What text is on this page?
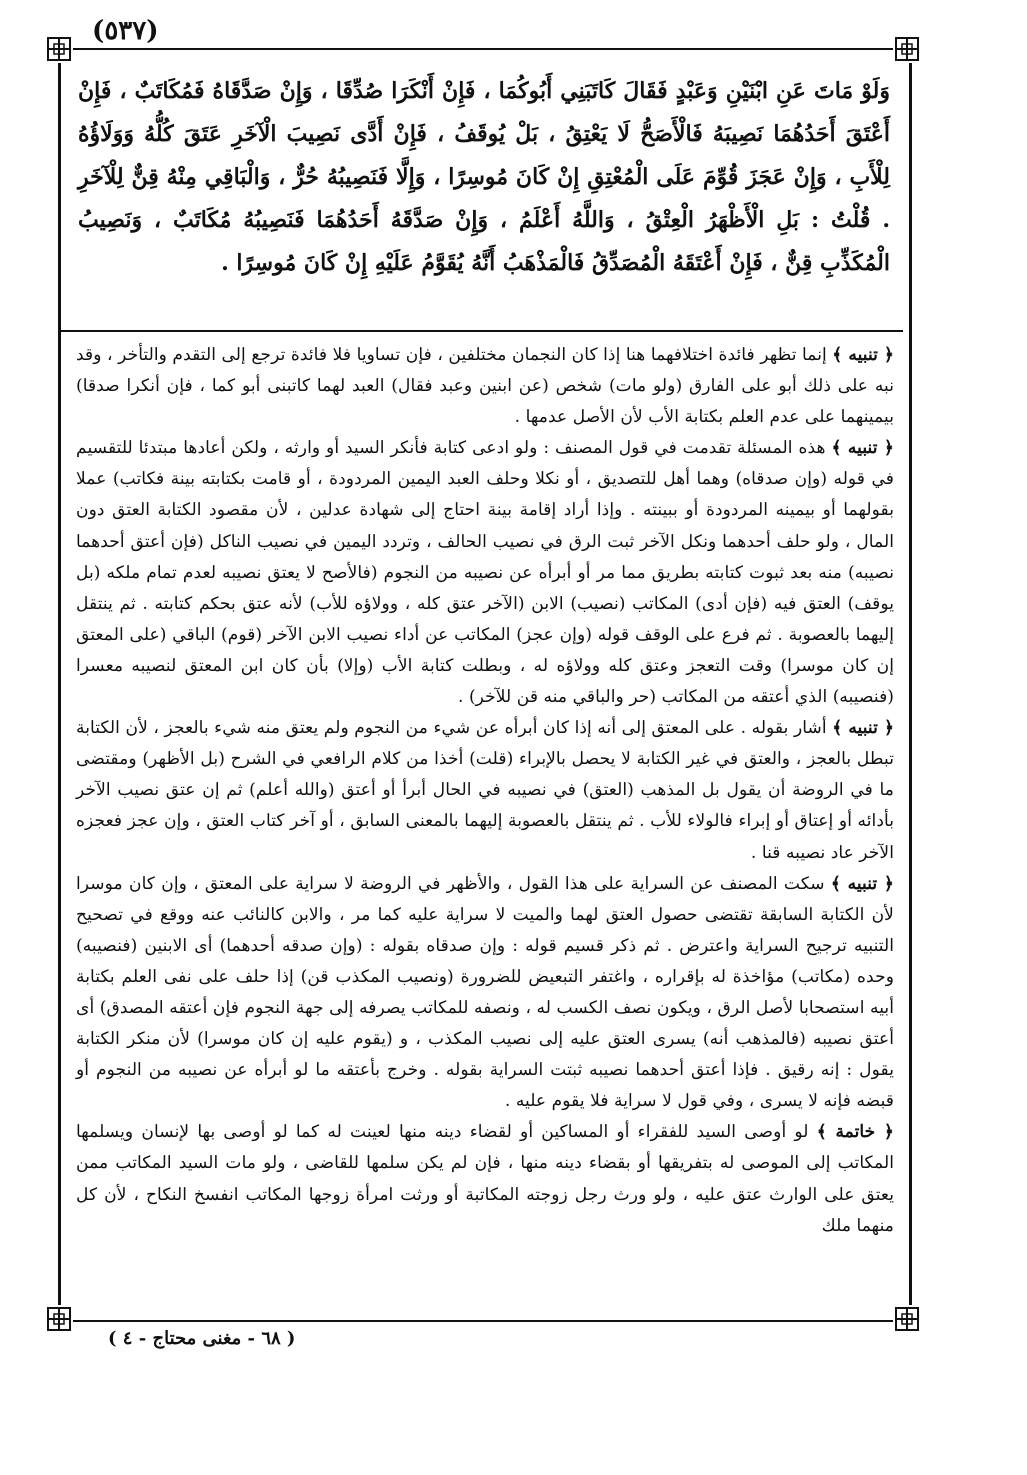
(٥٣٧)

وَلَوْ مَاتَ عَنِ ابْنَيْنِ وَعَبْدٍ فَقَالَ كَاتَبَنِي أَبُوكُمَا ، فَإِنْ أَنْكَرَا صُدِّقَا ، وَإِنْ صَدَّقَاهُ فَمُكَاتَبٌ ، فَإِنْ أَعْتَقَ أَحَدُهُمَا نَصِيبَهُ فَالْأَصَحُّ لَا يَعْتِقُ ، بَلْ يُوقَفُ ، فَإِنْ أَدَّى نَصِيبَ الْآخَرِ عَتَقَ كُلُّهُ وَوَلَاؤُهُ لِلْأَبِ ، وَإِنْ عَجَزَ قُوِّمَ عَلَى الْمُعْتِقِ إِنْ كَانَ مُوسِرًا ، وَإِلَّا فَنَصِيبُهُ حُرٌّ ، وَالْبَاقِي مِنْهُ قِنٌّ لِلْآخَرِ . قُلْتُ : بَلِ الْأَظْهَرُ الْعِتْقُ ، وَاللَّهُ أَعْلَمُ ، وَإِنْ صَدَّقَهُ أَحَدُهُمَا فَنَصِيبُهُ مُكَاتَبٌ ، وَنَصِيبُ الْمُكَذِّبِ قِنٌّ ، فَإِنْ أَعْتَقَهُ الْمُصَدِّقُ فَالْمَذْهَبُ أَنَّهُ يُقَوَّمُ عَلَيْهِ إِنْ كَانَ مُوسِرًا .

﴿ تنبيه ﴾ إنما تظهر فائدة اختلافهما هنا إذا كان النجمان مختلفين ، فإن تساويا فلا فائدة ترجع إلى التقدم والتأخر ، وقد نبه على ذلك أبو على الفارق (ولو مات) شخص (عن ابنين وعبد فقال) العبد لهما كاتبنى أبو كما ، فإن أنكرا صدقا) بيمينهما على عدم العلم بكتابة الأب لأن الأصل عدمها .

﴿ تنبيه ﴾ هذه المسئلة تقدمت في قول المصنف : ولو ادعى كتابة فأنكر السيد أو وارثه ، ولكن أعادها مبتدئا للتقسيم في قوله (وإن صدقاه) وهما أهل للتصديق ، أو نكلا وحلف العبد اليمين المردودة ، أو قامت بكتابته بينة فكاتب) عملا بقولهما أو بيمينه المردودة أو ببينته . وإذا أراد إقامة بينة احتاج إلى شهادة عدلين ، لأن مقصود الكتابة العتق دون المال ، ولو حلف أحدهما ونكل الآخر ثبت الرق في نصيب الحالف ، وتردد اليمين في نصيب الناكل (فإن أعتق أحدهما نصيبه) منه بعد ثبوت كتابته بطريق مما مر أو أبرأه عن نصيبه من النجوم (فالأصح لا يعتق نصيبه لعدم تمام ملكه (بل يوقف) العتق فيه (فإن أدى) المكاتب (نصيب) الابن (الآخر عتق كله ، وولاؤه للأب) لأنه عتق بحكم كتابته . ثم ينتقل إليهما بالعصوبة . ثم فرع على الوقف قوله (وإن عجز) المكاتب عن أداء نصيب الابن الآخر (قوم) الباقي (على المعتق إن كان موسرا) وقت التعجز وعتق كله وولاؤه له ، وبطلت كتابة الأب (وإلا) بأن كان ابن المعتق لنصيبه معسرا (فنصيبه) الذي أعتقه من المكاتب (حر والباقي منه قن للآخر) .

﴿ تنبيه ﴾ أشار بقوله . على المعتق إلى أنه إذا كان أبرأه عن شيء من النجوم ولم يعتق منه شيء بالعجز ، لأن الكتابة تبطل بالعجز ، والعتق في غير الكتابة لا يحصل بالإبراء (قلت) أخذا من كلام الرافعي في الشرح (بل الأظهر) ومقتضى ما في الروضة أن يقول بل المذهب (العتق) في نصيبه في الحال أبرأ أو أعتق (والله أعلم) ثم إن عتق نصيب الآخر بأدائه أو إعتاق أو إبراء فالولاء للأب . ثم ينتقل بالعصوبة إليهما بالمعنى السابق ، أو آخر كتاب العتق ، وإن عجز فعجزه الآخر عاد نصيبه قنا .

﴿ تنبيه ﴾ سكت المصنف عن السراية على هذا القول ، والأظهر في الروضة لا سراية على المعتق ، وإن كان موسرا لأن الكتابة السابقة تقتضى حصول العتق لهما والميت لا سراية عليه كما مر ، والابن كالنائب عنه ووقع في تصحيح التنبيه ترجيح السراية واعترض . ثم ذكر قسيم قوله : وإن صدقاه بقوله : (وإن صدقه أحدهما) أى الابنين (فنصيبه) وحده (مكاتب) مؤاخذة له بإقراره ، واغتفر التبعيض للضرورة (ونصيب المكذب قن) إذا حلف على نفى العلم بكتابة أبيه استصحابا لأصل الرق ، ويكون نصف الكسب له ، ونصفه للمكاتب يصرفه إلى جهة النجوم فإن أعتقه المصدق) أى أعتق نصيبه (فالمذهب أنه) يسرى العتق عليه إلى نصيب المكذب ، و (يقوم عليه إن كان موسرا) لأن منكر الكتابة يقول : إنه رقيق . فإذا أعتق أحدهما نصيبه ثبتت السراية بقوله . وخرج بأعتقه ما لو أبرأه عن نصيبه من النجوم أو قبضه فإنه لا يسرى ، وفي قول لا سراية فلا يقوم عليه .

﴿ خاتمة ﴾ لو أوصى السيد للفقراء أو المساكين أو لقضاء دينه منها لعينت له كما لو أوصى بها لإنسان ويسلمها المكاتب إلى الموصى له بتفريقها أو بقضاء دينه منها ، فإن لم يكن سلمها للقاضى ، ولو مات السيد المكاتب ممن يعتق على الوارث عتق عليه ، ولو ورث رجل زوجته المكاتبة أو ورثت امرأة زوجها المكاتب انفسخ النكاح ، لأن كل منهما ملك

( ٦٨ - مغنى محتاج - ٤ )
